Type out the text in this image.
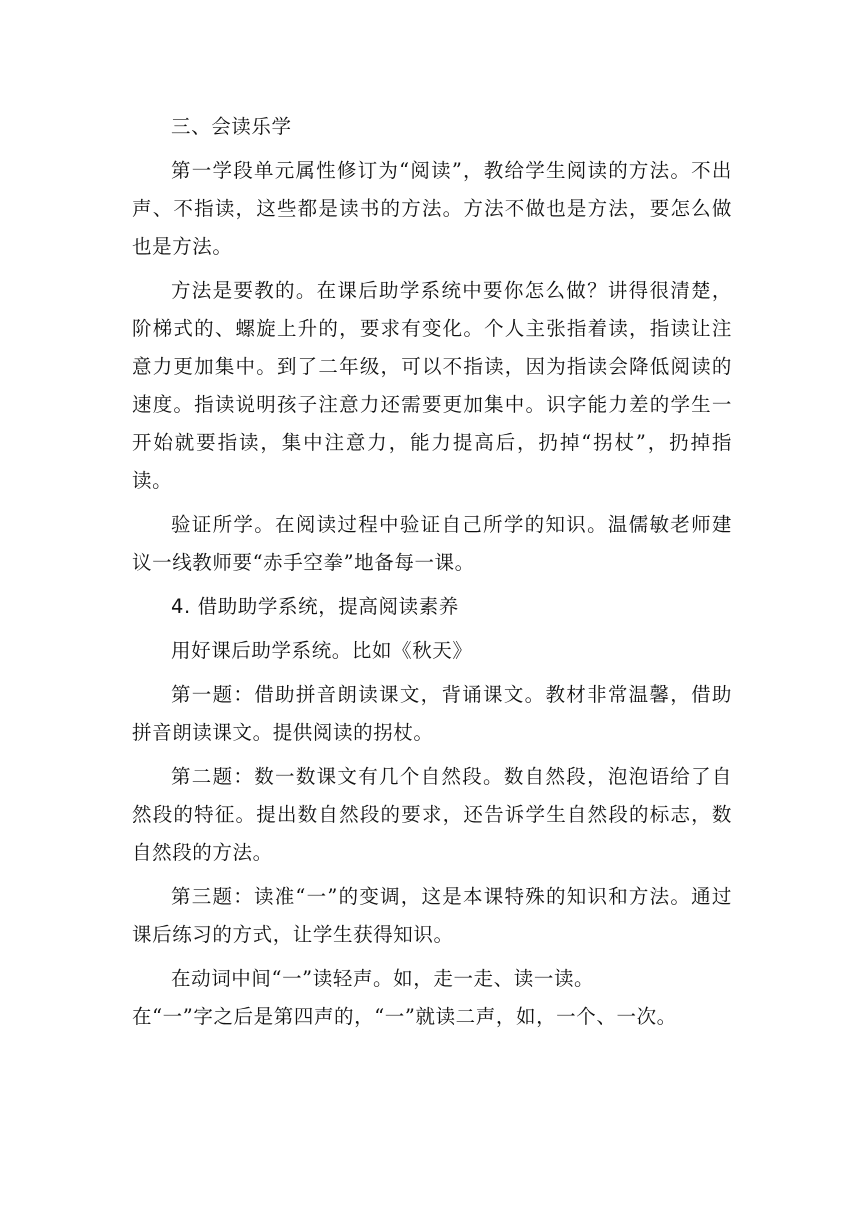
三、会读乐学

第一学段单元属性修订为“阅读”，教给学生阅读的方法。不出声、不指读，这些都是读书的方法。方法不做也是方法，要怎么做也是方法。

方法是要教的。在课后助学系统中要你怎么做？讲得很清楚，阶梯式的、螺旋上升的，要求有变化。个人主张指着读，指读让注意力更加集中。到了二年级，可以不指读，因为指读会降低阅读的速度。指读说明孩子注意力还需要更加集中。识字能力差的学生一开始就要指读，集中注意力，能力提高后，扔掉“拐杖”，扔掉指读。

验证所学。在阅读过程中验证自己所学的知识。温儒敏老师建议一线教师要“赤手空拳”地备每一课。

4. 借助助学系统，提高阅读素养

用好课后助学系统。比如《秋天》

第一题：借助拼音朗读课文，背诵课文。教材非常温馨，借助拼音朗读课文。提供阅读的拐杖。

第二题：数一数课文有几个自然段。数自然段，泡泡语给了自然段的特征。提出数自然段的要求，还告诉学生自然段的标志，数自然段的方法。

第三题：读准“一”的变调，这是本课特殊的知识和方法。通过课后练习的方式，让学生获得知识。

在动词中间“一”读轻声。如，走一走、读一读。

在“一”字之后是第四声的，“一”就读二声，如，一个、一次。
